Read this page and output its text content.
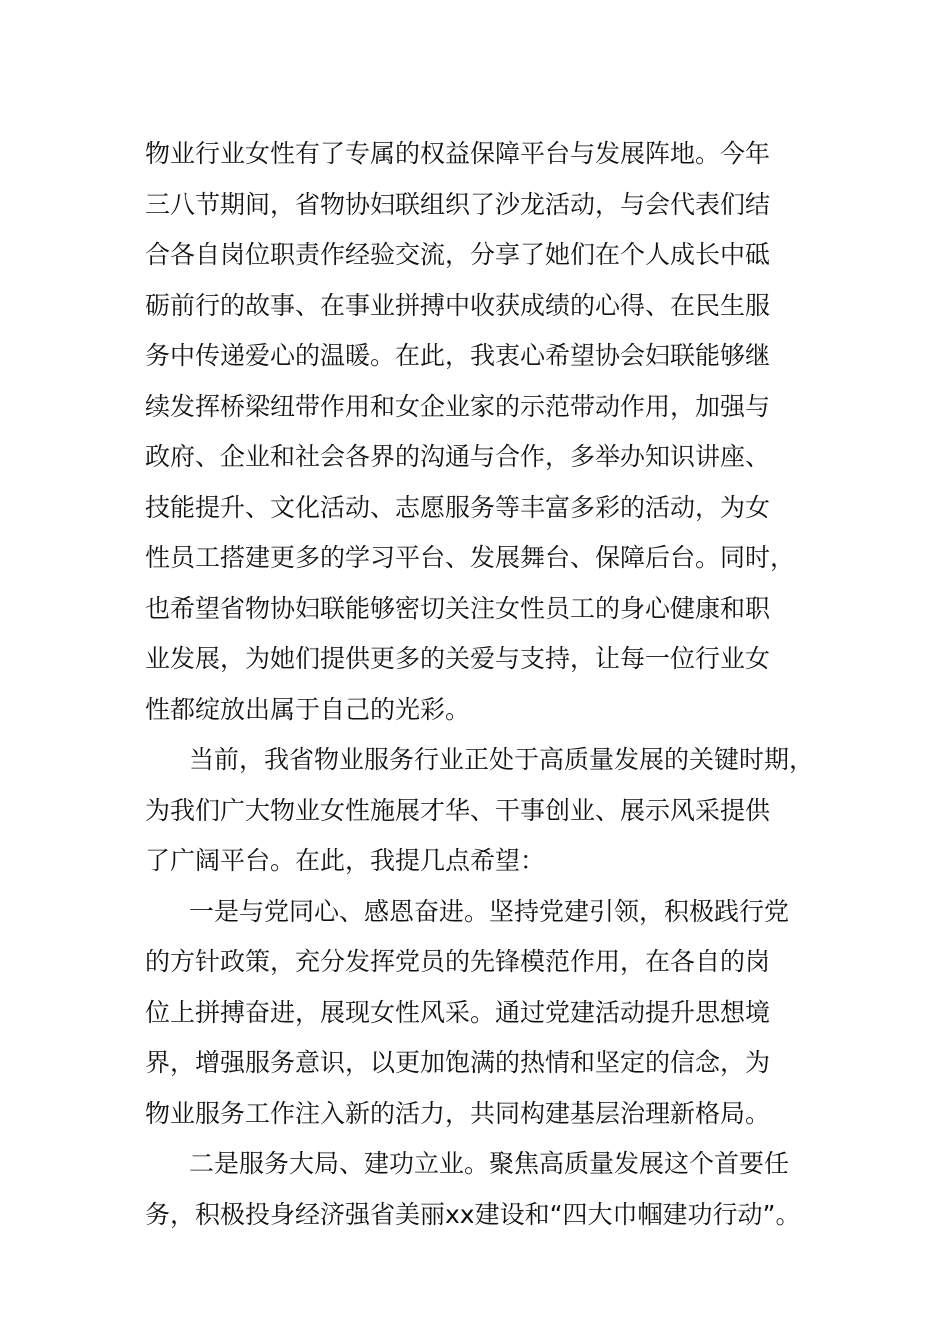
物业行业女性有了专属的权益保障平台与发展阵地。今年
三八节期间，省物协妇联组织了沙龙活动，与会代表们结
合各自岗位职责作经验交流，分享了她们在个人成长中砥
砺前行的故事、在事业拼搏中收获成绩的心得、在民生服
务中传递爱心的温暖。在此，我衷心希望协会妇联能够继
续发挥桥梁纽带作用和女企业家的示范带动作用，加强与
政府、企业和社会各界的沟通与合作，多举办知识讲座、
技能提升、文化活动、志愿服务等丰富多彩的活动，为女
性员工搭建更多的学习平台、发展舞台、保障后台。同时，
也希望省物协妇联能够密切关注女性员工的身心健康和职
业发展，为她们提供更多的关爱与支持，让每一位行业女
性都绽放出属于自己的光彩。
当前，我省物业服务行业正处于高质量发展的关键时期，
为我们广大物业女性施展才华、干事创业、展示风采提供
了广阔平台。在此，我提几点希望：
一是与党同心、感恩奋进。坚持党建引领，积极践行党
的方针政策，充分发挥党员的先锋模范作用，在各自的岗
位上拼搏奋进，展现女性风采。通过党建活动提升思想境
界，增强服务意识，以更加饱满的热情和坚定的信念，为
物业服务工作注入新的活力，共同构建基层治理新格局。
二是服务大局、建功立业。聚焦高质量发展这个首要任
务，积极投身经济强省美丽xx建设和“四大巾帼建功行动”。
